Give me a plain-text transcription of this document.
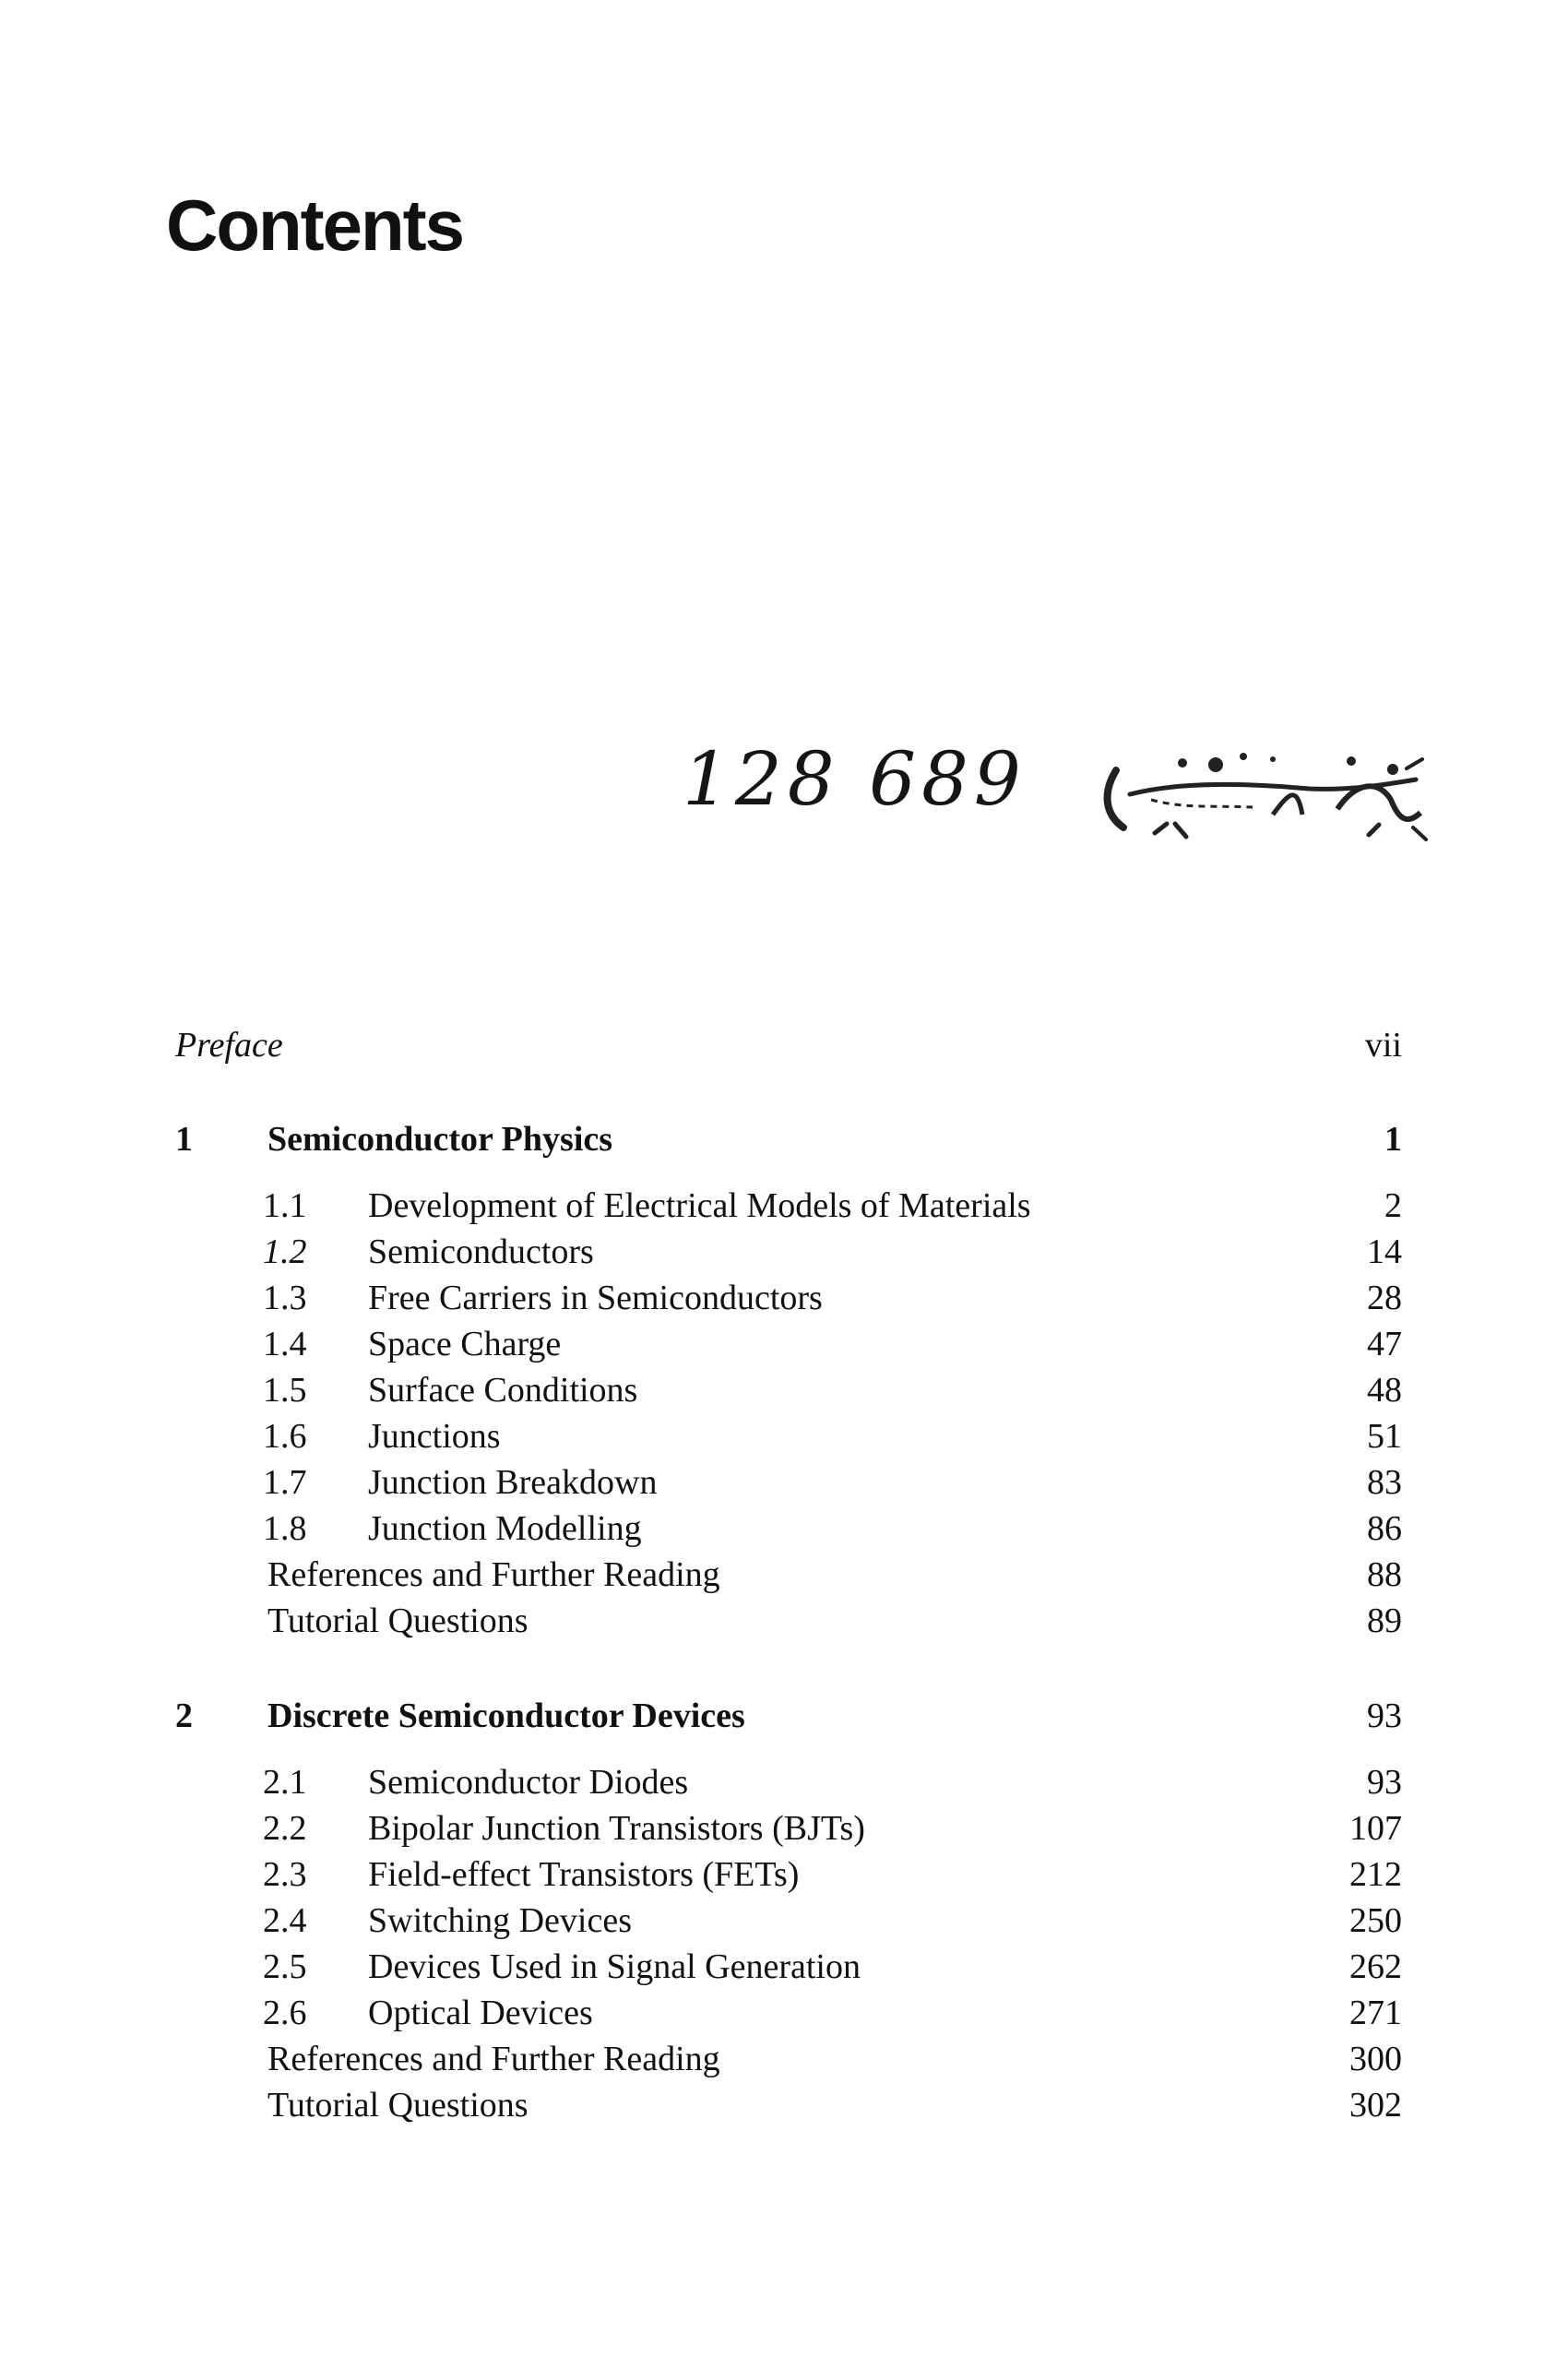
Contents
128 689
Preface	vii
1	Semiconductor Physics	1
1.1	Development of Electrical Models of Materials	2
1.2	Semiconductors	14
1.3	Free Carriers in Semiconductors	28
1.4	Space Charge	47
1.5	Surface Conditions	48
1.6	Junctions	51
1.7	Junction Breakdown	83
1.8	Junction Modelling	86
References and Further Reading	88
Tutorial Questions	89
2	Discrete Semiconductor Devices	93
2.1	Semiconductor Diodes	93
2.2	Bipolar Junction Transistors (BJTs)	107
2.3	Field-effect Transistors (FETs)	212
2.4	Switching Devices	250
2.5	Devices Used in Signal Generation	262
2.6	Optical Devices	271
References and Further Reading	300
Tutorial Questions	302
